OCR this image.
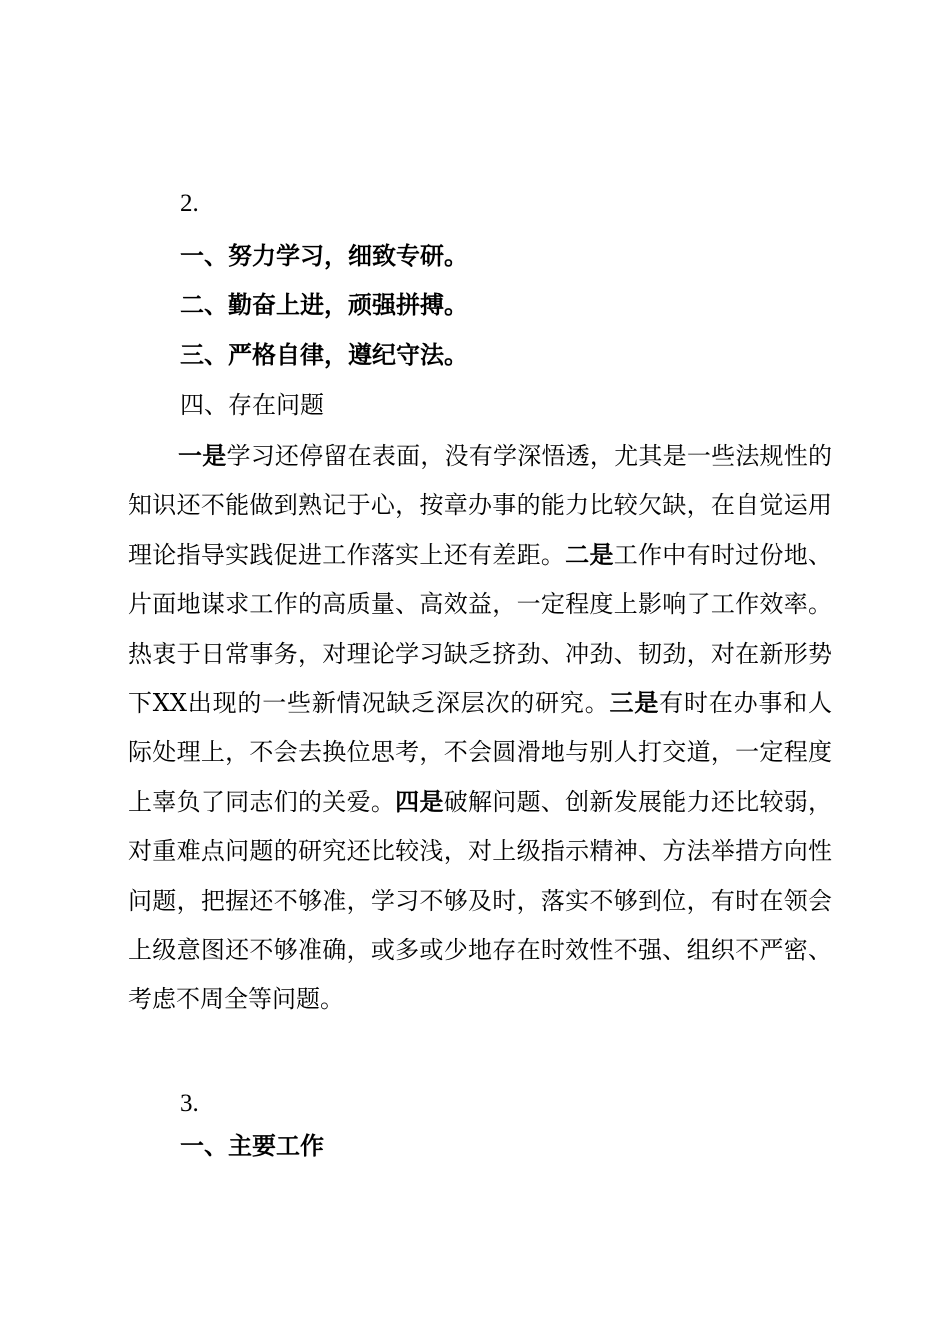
2.
一、努力学习，细致专研。
二、勤奋上进，顽强拼搏。
三、严格自律，遵纪守法。
四、存在问题

一是学习还停留在表面，没有学深悟透，尤其是一些法规性的知识还不能做到熟记于心，按章办事的能力比较欠缺，在自觉运用理论指导实践促进工作落实上还有差距。二是工作中有时过份地、片面地谋求工作的高质量、高效益，一定程度上影响了工作效率。热衷于日常事务，对理论学习缺乏挤劲、冲劲、韧劲，对在新形势下XX出现的一些新情况缺乏深层次的研究。三是有时在办事和人际处理上，不会去换位思考，不会圆滑地与别人打交道，一定程度上辜负了同志们的关爱。四是破解问题、创新发展能力还比较弱，对重难点问题的研究还比较浅，对上级指示精神、方法举措方向性问题，把握还不够准，学习不够及时，落实不够到位，有时在领会上级意图还不够准确，或多或少地存在时效性不强、组织不严密、考虑不周全等问题。

3.
一、主要工作
